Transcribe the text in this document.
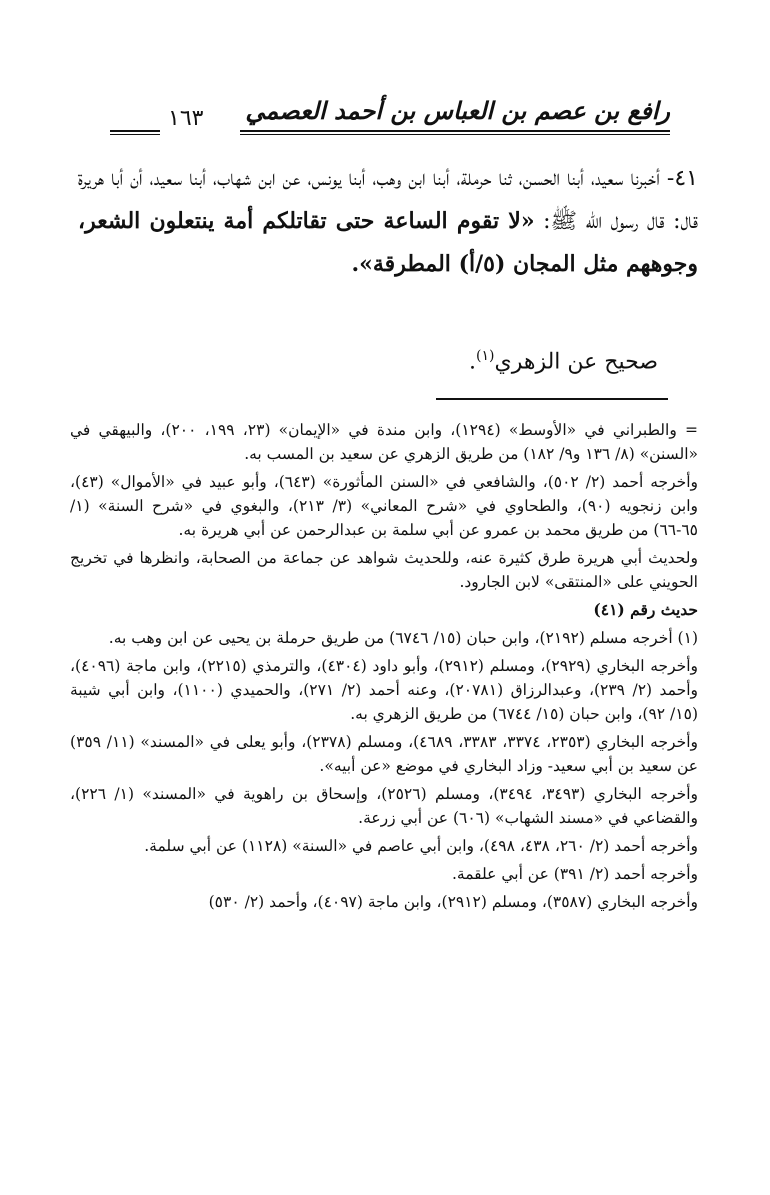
رافع بن عصم بن العباس بن أحمد العصمي
١٦٣
٤١- أخبرنا سعيد، أبنا الحسن، ثنا حرملة، أبنا ابن وهب، أبنا يونس، عن ابن شهاب، أبنا سعيد، أن أبا هريرة قال: قال رسول اللّٰه ﷺ: «لا تقوم الساعة حتى تقاتلكم أمة ينتعلون الشعر، وجوههم مثل المجان (٥/أ) المطرقة».
صحيح عن الزهري$^{(١)}$.

= والطبراني في «الأوسط» (١٢٩٤)، وابن مندة في «الإيمان» (٢٣، ١٩٩، ٢٠٠)، والبيهقي في «السنن» (٨/ ١٣٦ و٩/ ١٨٢) من طريق الزهري عن سعيد بن المسب به.

وأخرجه أحمد (٢/ ٥٠٢)، والشافعي في «السنن المأثورة» (٦٤٣)، وأبو عبيد في «الأموال» (٤٣)، وابن زنجويه (٩٠)، والطحاوي في «شرح المعاني» (٣/ ٢١٣)، والبغوي في «شرح السنة» (١/ ٦٥-٦٦) من طريق محمد بن عمرو عن أبي سلمة بن عبدالرحمن عن أبي هريرة به.

ولحديث أبي هريرة طرق كثيرة عنه، وللحديث شواهد عن جماعة من الصحابة، وانظرها في تخريج الحويني على «المنتقى» لابن الجارود.

حديث رقم (٤١)

(١) أخرجه مسلم (٢١٩٢)، وابن حبان (١٥/ ٦٧٤٦) من طريق حرملة بن يحيى عن ابن وهب به.

وأخرجه البخاري (٢٩٢٩)، ومسلم (٢٩١٢)، وأبو داود (٤٣٠٤)، والترمذي (٢٢١٥)، وابن ماجة (٤٠٩٦)، وأحمد (٢/ ٢٣٩)، وعبدالرزاق (٢٠٧٨١)، وعنه أحمد (٢/ ٢٧١)، والحميدي (١١٠٠)، وابن أبي شيبة (١٥/ ٩٢)، وابن حبان (١٥/ ٦٧٤٤) من طريق الزهري به.

وأخرجه البخاري (٢٣٥٣، ٣٣٧٤، ٣٣٨٣، ٤٦٨٩)، ومسلم (٢٣٧٨)، وأبو يعلى في «المسند» (١١/ ٣٥٩) عن سعيد بن أبي سعيد- وزاد البخاري في موضع «عن أبيه».

وأخرجه البخاري (٣٤٩٣، ٣٤٩٤)، ومسلم (٢٥٢٦)، وإسحاق بن راهوية في «المسند» (١/ ٢٢٦)، والقضاعي في «مسند الشهاب» (٦٠٦) عن أبي زرعة.

وأخرجه أحمد (٢/ ٢٦٠، ٤٣٨، ٤٩٨)، وابن أبي عاصم في «السنة» (١١٢٨) عن أبي سلمة.

وأخرجه أحمد (٢/ ٣٩١) عن أبي علقمة.

وأخرجه البخاري (٣٥٨٧)، ومسلم (٢٩١٢)، وابن ماجة (٤٠٩٧)، وأحمد (٢/ ٥٣٠)
